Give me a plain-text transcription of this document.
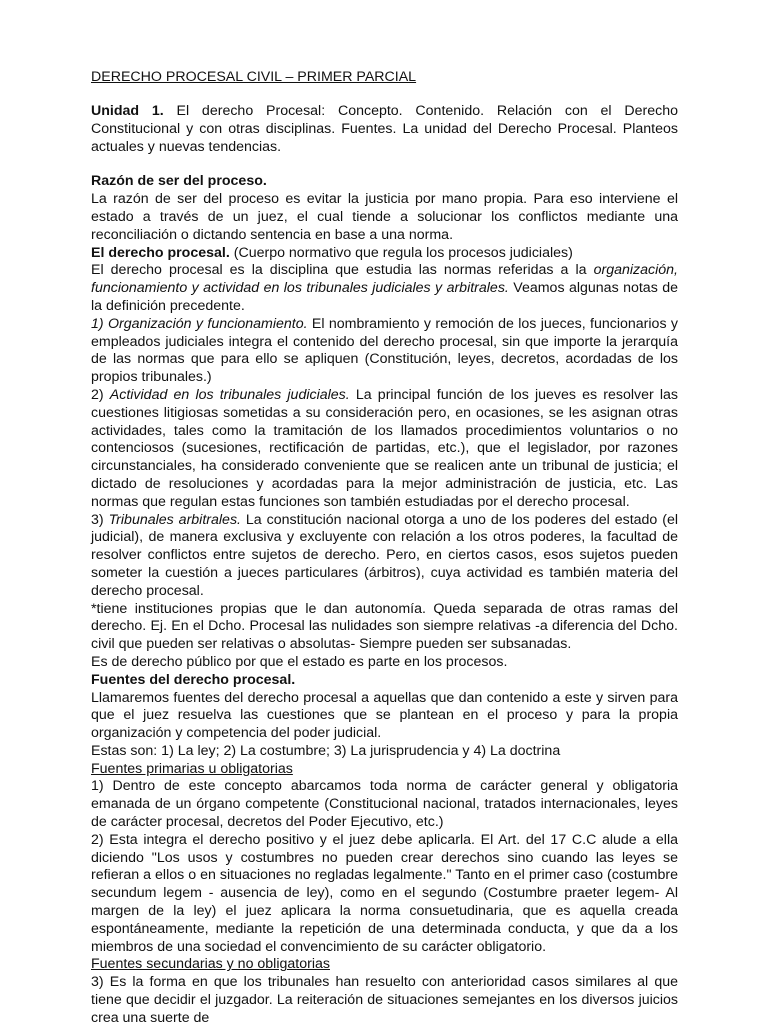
DERECHO PROCESAL CIVIL – PRIMER PARCIAL

Unidad 1. El derecho Procesal: Concepto. Contenido. Relación con el Derecho Constitucional y con otras disciplinas. Fuentes. La unidad del Derecho Procesal. Planteos actuales y nuevas tendencias.

Razón de ser del proceso.

La razón de ser del proceso es evitar la justicia por mano propia. Para eso interviene el estado a través de un juez, el cual tiende a solucionar los conflictos mediante una reconciliación o dictando sentencia en base a una norma.

El derecho procesal. (Cuerpo normativo que regula los procesos judiciales)

El derecho procesal es la disciplina que estudia las normas referidas a la organización, funcionamiento y actividad en los tribunales judiciales y arbitrales. Veamos algunas notas de la definición precedente.

1) Organización y funcionamiento. El nombramiento y remoción de los jueces, funcionarios y empleados judiciales integra el contenido del derecho procesal, sin que importe la jerarquía de las normas que para ello se apliquen (Constitución, leyes, decretos, acordadas de los propios tribunales.)

2) Actividad en los tribunales judiciales. La principal función de los jueves es resolver las cuestiones litigiosas sometidas a su consideración pero, en ocasiones, se les asignan otras actividades, tales como la tramitación de los llamados procedimientos voluntarios o no contenciosos (sucesiones, rectificación de partidas, etc.), que el legislador, por razones circunstanciales, ha considerado conveniente que se realicen ante un tribunal de justicia; el dictado de resoluciones y acordadas para la mejor administración de justicia, etc. Las normas que regulan estas funciones son también estudiadas por el derecho procesal.

3) Tribunales arbitrales. La constitución nacional otorga a uno de los poderes del estado (el judicial), de manera exclusiva y excluyente con relación a los otros poderes, la facultad de resolver conflictos entre sujetos de derecho. Pero, en ciertos casos, esos sujetos pueden someter la cuestión a jueces particulares (árbitros), cuya actividad es también materia del derecho procesal.

*tiene instituciones propias que le dan autonomía. Queda separada de otras ramas del derecho. Ej. En el Dcho. Procesal las nulidades son siempre relativas -a diferencia del Dcho. civil que pueden ser relativas o absolutas- Siempre pueden ser subsanadas.

Es de derecho público por que el estado es parte en los procesos.

Fuentes del derecho procesal.

Llamaremos fuentes del derecho procesal a aquellas que dan contenido a este y sirven para que el juez resuelva las cuestiones que se plantean en el proceso y para la propia organización y competencia del poder judicial.

Estas son: 1) La ley; 2) La costumbre; 3) La jurisprudencia y 4) La doctrina

Fuentes primarias u obligatorias

1) Dentro de este concepto abarcamos toda norma de carácter general y obligatoria emanada de un órgano competente (Constitucional nacional, tratados internacionales, leyes de carácter procesal, decretos del Poder Ejecutivo, etc.)

2) Esta integra el derecho positivo y el juez debe aplicarla. El Art. del 17 C.C alude a ella diciendo "Los usos y costumbres no pueden crear derechos sino cuando las leyes se refieran a ellos o en situaciones no regladas legalmente." Tanto en el primer caso (costumbre secundum legem - ausencia de ley), como en el segundo (Costumbre praeter legem- Al margen de la ley) el juez aplicara la norma consuetudinaria, que es aquella creada espontáneamente, mediante la repetición de una determinada conducta, y que da a los miembros de una sociedad el convencimiento de su carácter obligatorio.

Fuentes secundarias y no obligatorias

3) Es la forma en que los tribunales han resuelto con anterioridad casos similares al que tiene que decidir el juzgador. La reiteración de situaciones semejantes en los diversos juicios crea una suerte de
